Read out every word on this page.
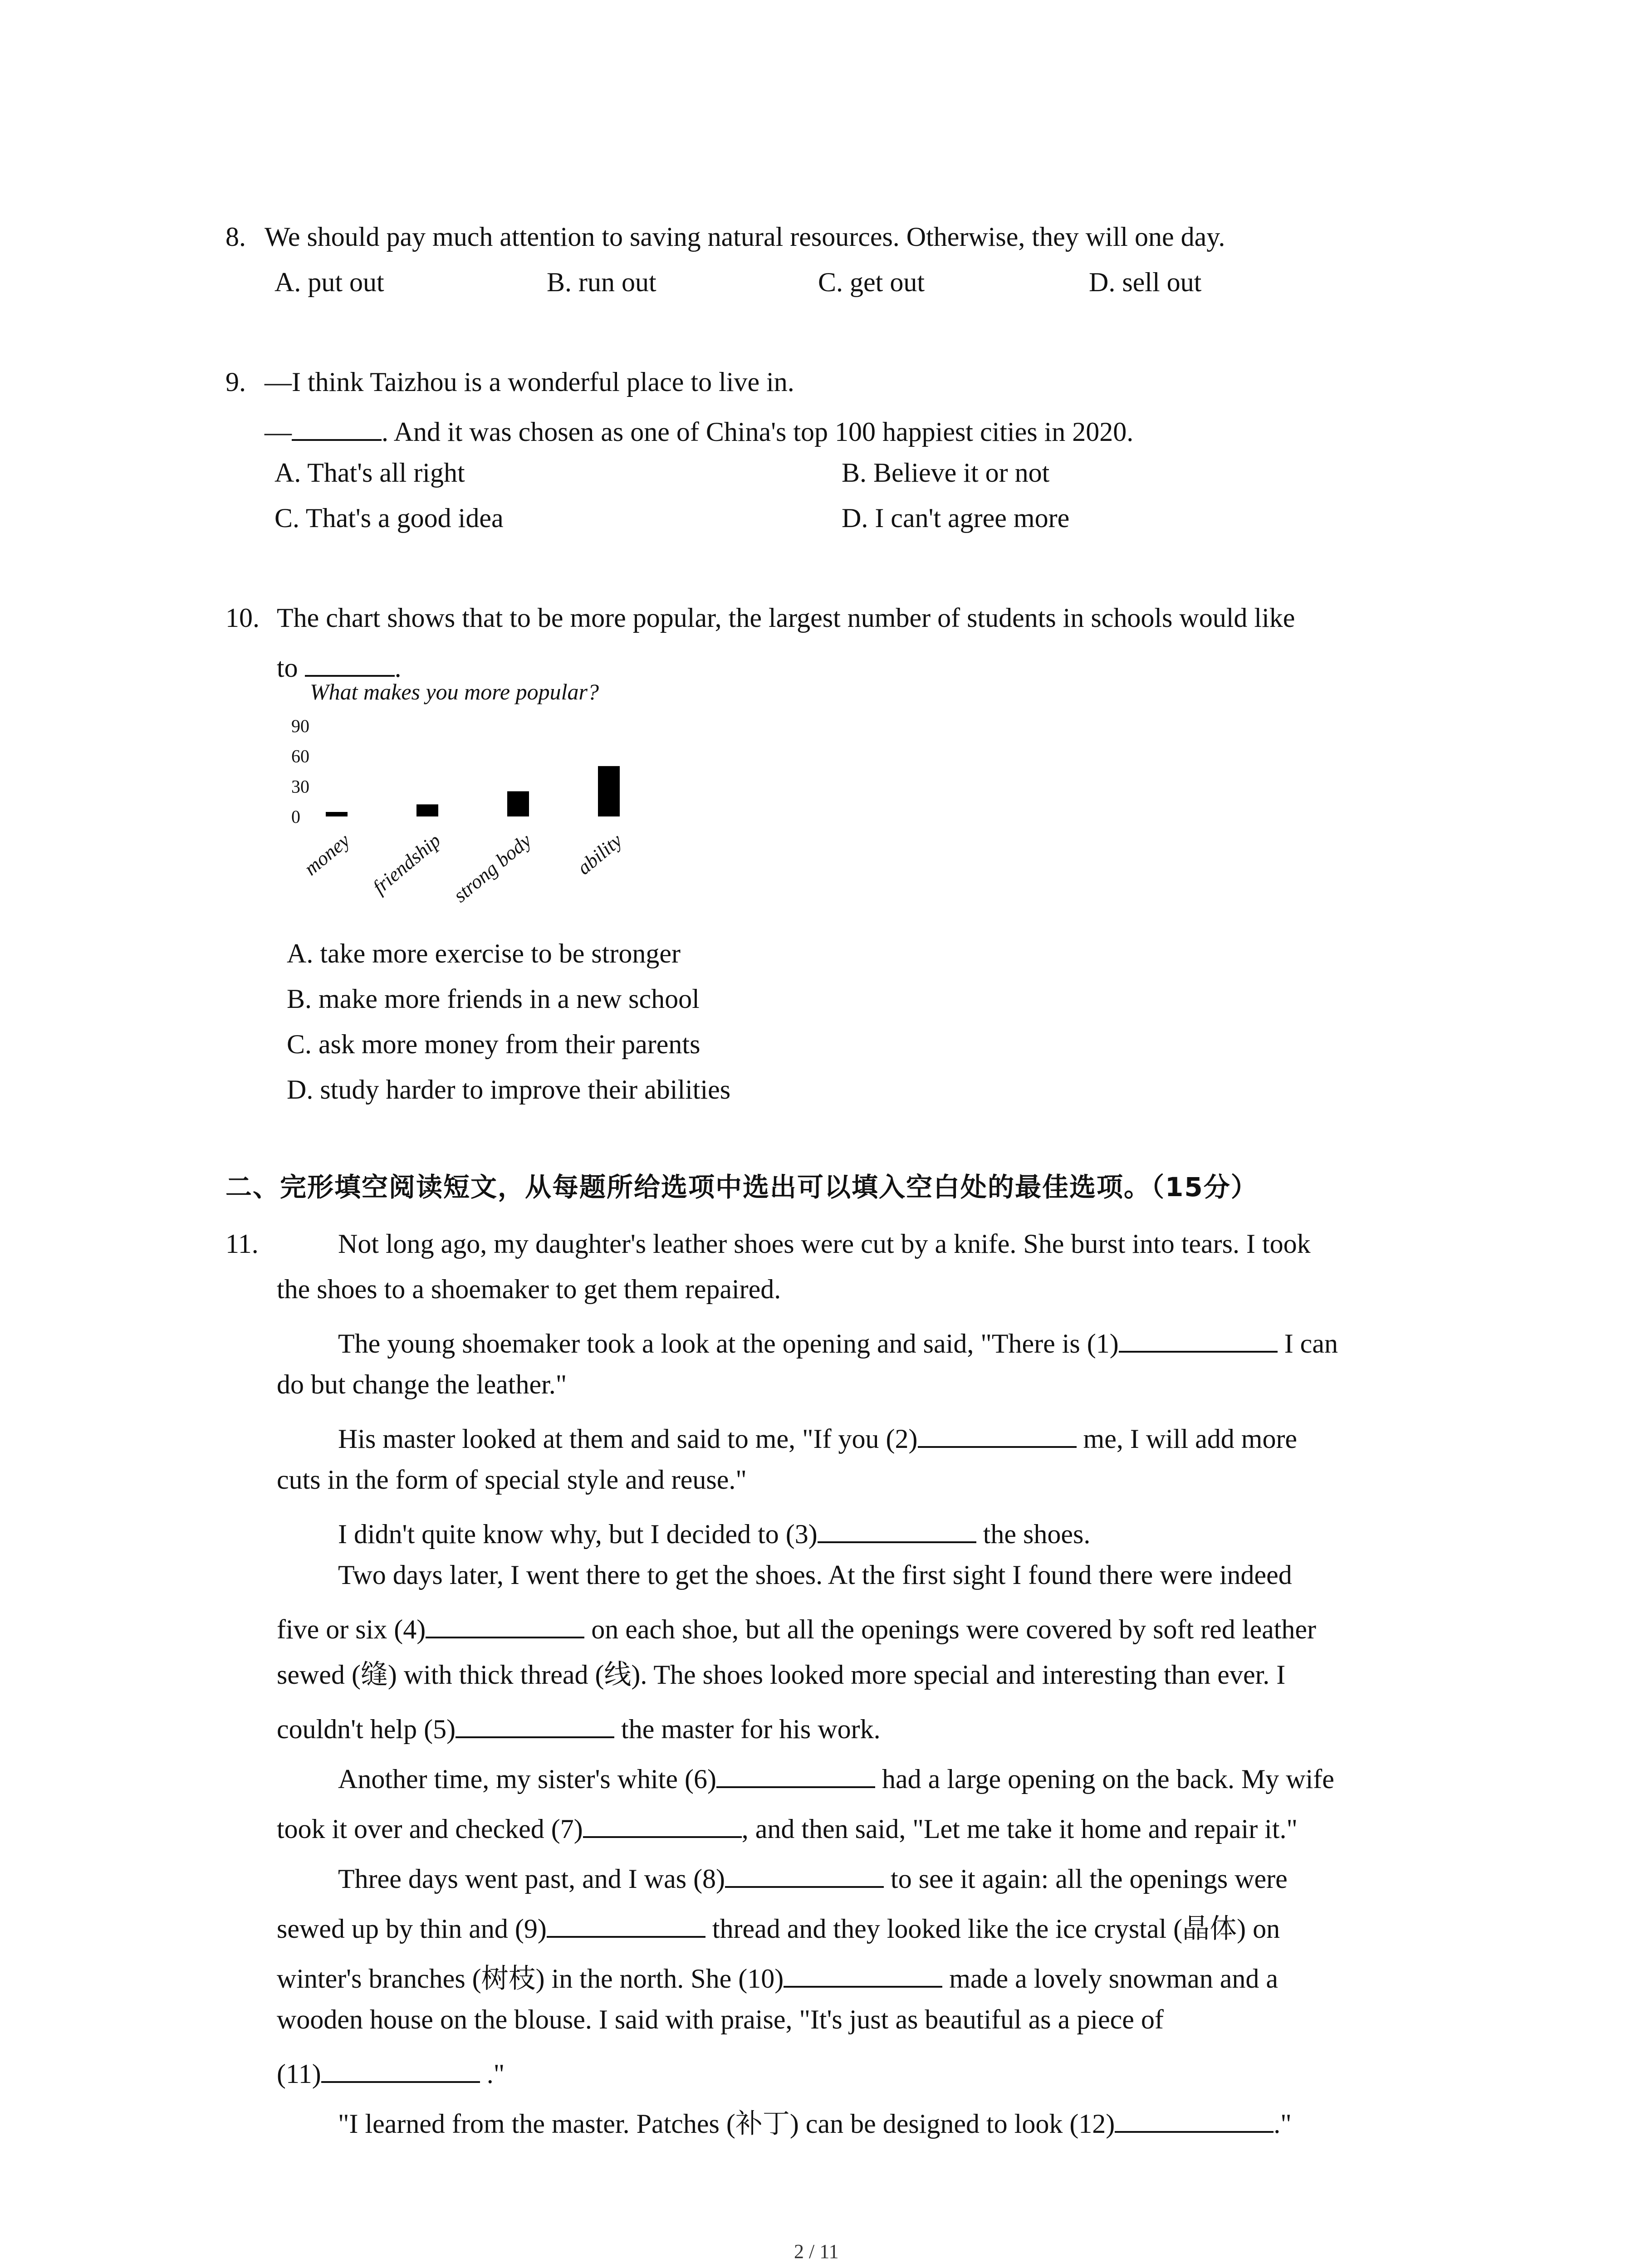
8. We should pay much attention to saving natural resources. Otherwise, they will one day.
A. put out	B. run out	C. get out	D. sell out
9. —I think Taizhou is a wonderful place to live in.
—	. And it was chosen as one of China's top 100 happiest cities in 2020.
A. That's all right	B. Believe it or not
C. That's a good idea	D. I can't agree more
10. The chart shows that to be more popular, the largest number of students in schools would like
to	.
What makes you more popular?
90
60
30
0
money friendship strong body ability
A. take more exercise to be stronger
B. make more friends in a new school
C. ask more money from their parents
D. study harder to improve their abilities
二、完形填空阅读短文，从每题所给选项中选出可以填入空白处的最佳选项。（15分）
11.	Not long ago, my daughter's leather shoes were cut by a knife. She burst into tears. I took
the shoes to a shoemaker to get them repaired.
The young shoemaker took a look at the opening and said, "There is (1)	I can
do but change the leather."
His master looked at them and said to me, "If you (2)	me, I will add more
cuts in the form of special style and reuse."
I didn't quite know why, but I decided to (3)	the shoes.
Two days later, I went there to get the shoes. At the first sight I found there were indeed
five or six (4)	on each shoe, but all the openings were covered by soft red leather
sewed (缝) with thick thread (线). The shoes looked more special and interesting than ever. I
couldn't help (5)	the master for his work.
Another time, my sister's white (6)	had a large opening on the back. My wife
took it over and checked (7)	, and then said, "Let me take it home and repair it."
Three days went past, and I was (8)	to see it again: all the openings were
sewed up by thin and (9)	thread and they looked like the ice crystal (晶体) on
winter's branches (树枝) in the north. She (10)	made a lovely snowman and a
wooden house on the blouse. I said with praise, "It's just as beautiful as a piece of
(11)	."
"I learned from the master. Patches (补丁) can be designed to look (12)	."
2 / 11
